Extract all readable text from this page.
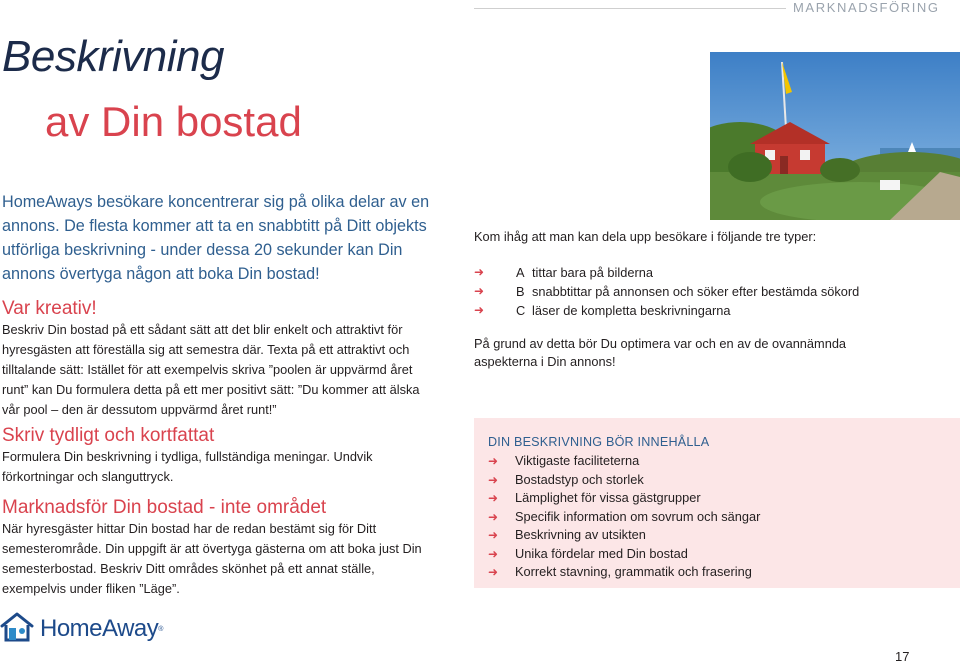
MARKNADSFÖRING
Beskrivning
av Din bostad
HomeAways besökare koncentrerar sig på olika delar av en annons. De flesta kommer att ta en snabbtitt på Ditt objekts utförliga beskrivning - under dessa 20 sekunder kan Din annons övertyga någon att boka Din bostad!
Var kreativ!
Beskriv Din bostad på ett sådant sätt att det blir enkelt och attraktivt för hyresgästen att föreställa sig att semestra där. Texta på ett attraktivt och tilltalande sätt: Istället för att exempelvis skriva ”poolen är uppvärmd året runt” kan Du formulera detta på ett mer positivt sätt: ”Du kommer att älska vår pool – den är dessutom uppvärmd året runt!”
Skriv tydligt och kortfattat
Formulera Din beskrivning i tydliga, fullständiga meningar. Undvik förkortningar och slanguttryck.
Marknadsför Din bostad - inte området
När hyresgäster hittar Din bostad har de redan bestämt sig för Ditt semesterområde. Din uppgift är att övertyga gästerna om att boka just Din semesterbostad. Beskriv Ditt områdes skönhet på ett annat ställe, exempelvis under fliken ”Läge”.
Kom ihåg att man kan dela upp besökare i följande tre typer:
➜	A tittar bara på bilderna
➜	B snabbtittar på annonsen och söker efter bestämda sökord
➜	C läser de kompletta beskrivningarna
På grund av detta bör Du optimera var och en av de ovannämnda aspekterna i Din annons!
DIN BESKRIVNING BÖR INNEHÅLLA
➜	Viktigaste faciliteterna
➜	Bostadstyp och storlek
➜	Lämplighet för vissa gästgrupper
➜	Specifik information om sovrum och sängar
➜	Beskrivning av utsikten
➜	Unika fördelar med Din bostad
➜	Korrekt stavning, grammatik och frasering
HomeAway ®
17
